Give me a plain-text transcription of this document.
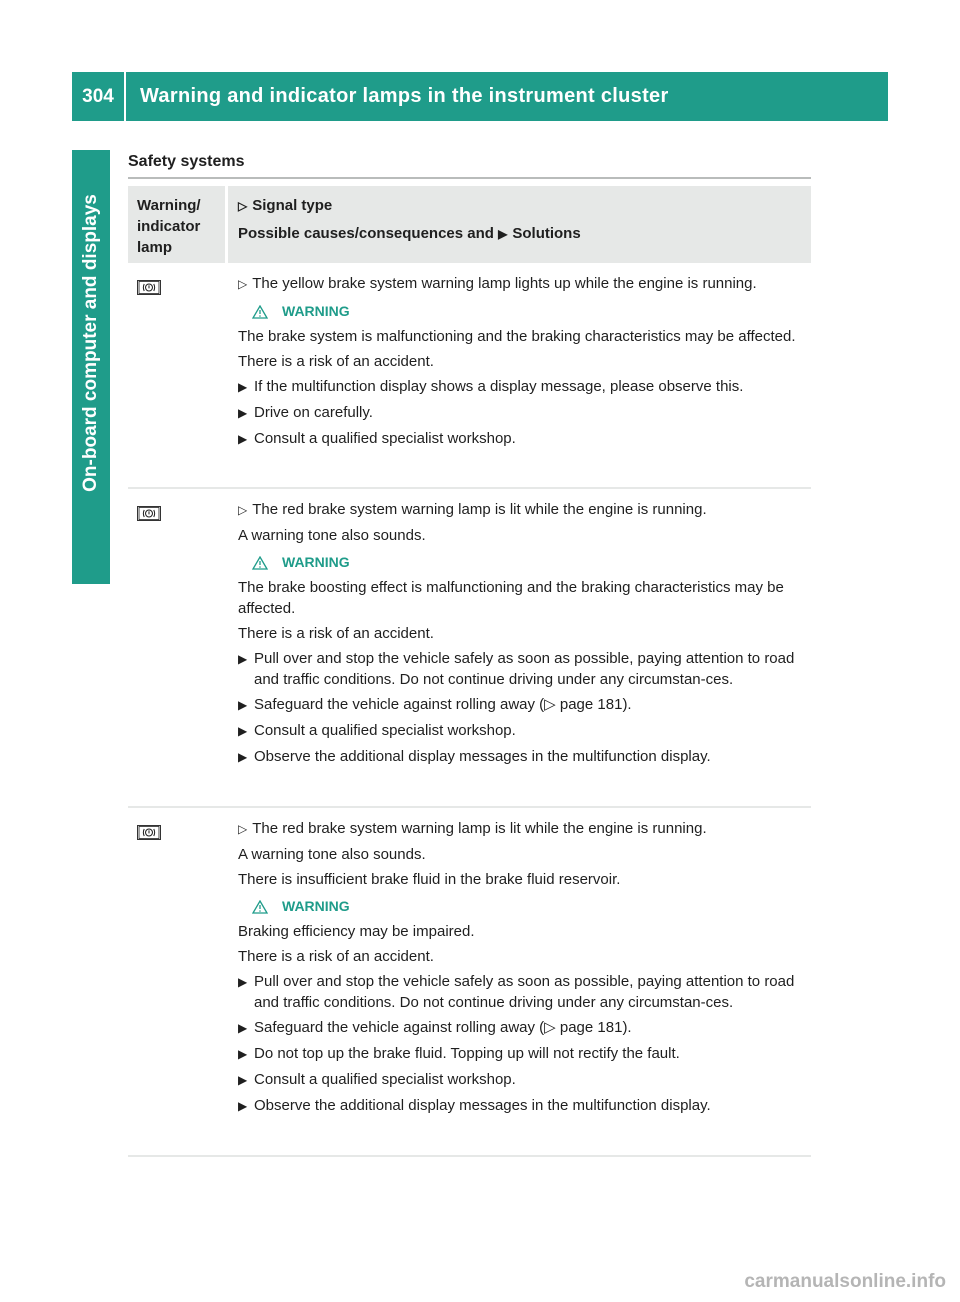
304	Warning and indicator lamps in the instrument cluster
On-board computer and displays
Safety systems
Warning/ indicator lamp
▷ Signal type
Possible causes/consequences and ▶ Solutions
▷ The yellow brake system warning lamp lights up while the engine is running.
WARNING
The brake system is malfunctioning and the braking characteristics may be affected.
There is a risk of an accident.
▶ If the multifunction display shows a display message, please observe this.
▶ Drive on carefully.
▶ Consult a qualified specialist workshop.
▷ The red brake system warning lamp is lit while the engine is running.
A warning tone also sounds.
WARNING
The brake boosting effect is malfunctioning and the braking characteristics may be affected.
There is a risk of an accident.
▶ Pull over and stop the vehicle safely as soon as possible, paying attention to road and traffic conditions. Do not continue driving under any circumstan-ces.
▶ Safeguard the vehicle against rolling away (▷ page 181).
▶ Consult a qualified specialist workshop.
▶ Observe the additional display messages in the multifunction display.
▷ The red brake system warning lamp is lit while the engine is running.
A warning tone also sounds.
There is insufficient brake fluid in the brake fluid reservoir.
WARNING
Braking efficiency may be impaired.
There is a risk of an accident.
▶ Pull over and stop the vehicle safely as soon as possible, paying attention to road and traffic conditions. Do not continue driving under any circumstan-ces.
▶ Safeguard the vehicle against rolling away (▷ page 181).
▶ Do not top up the brake fluid. Topping up will not rectify the fault.
▶ Consult a qualified specialist workshop.
▶ Observe the additional display messages in the multifunction display.
carmanualsonline.info
